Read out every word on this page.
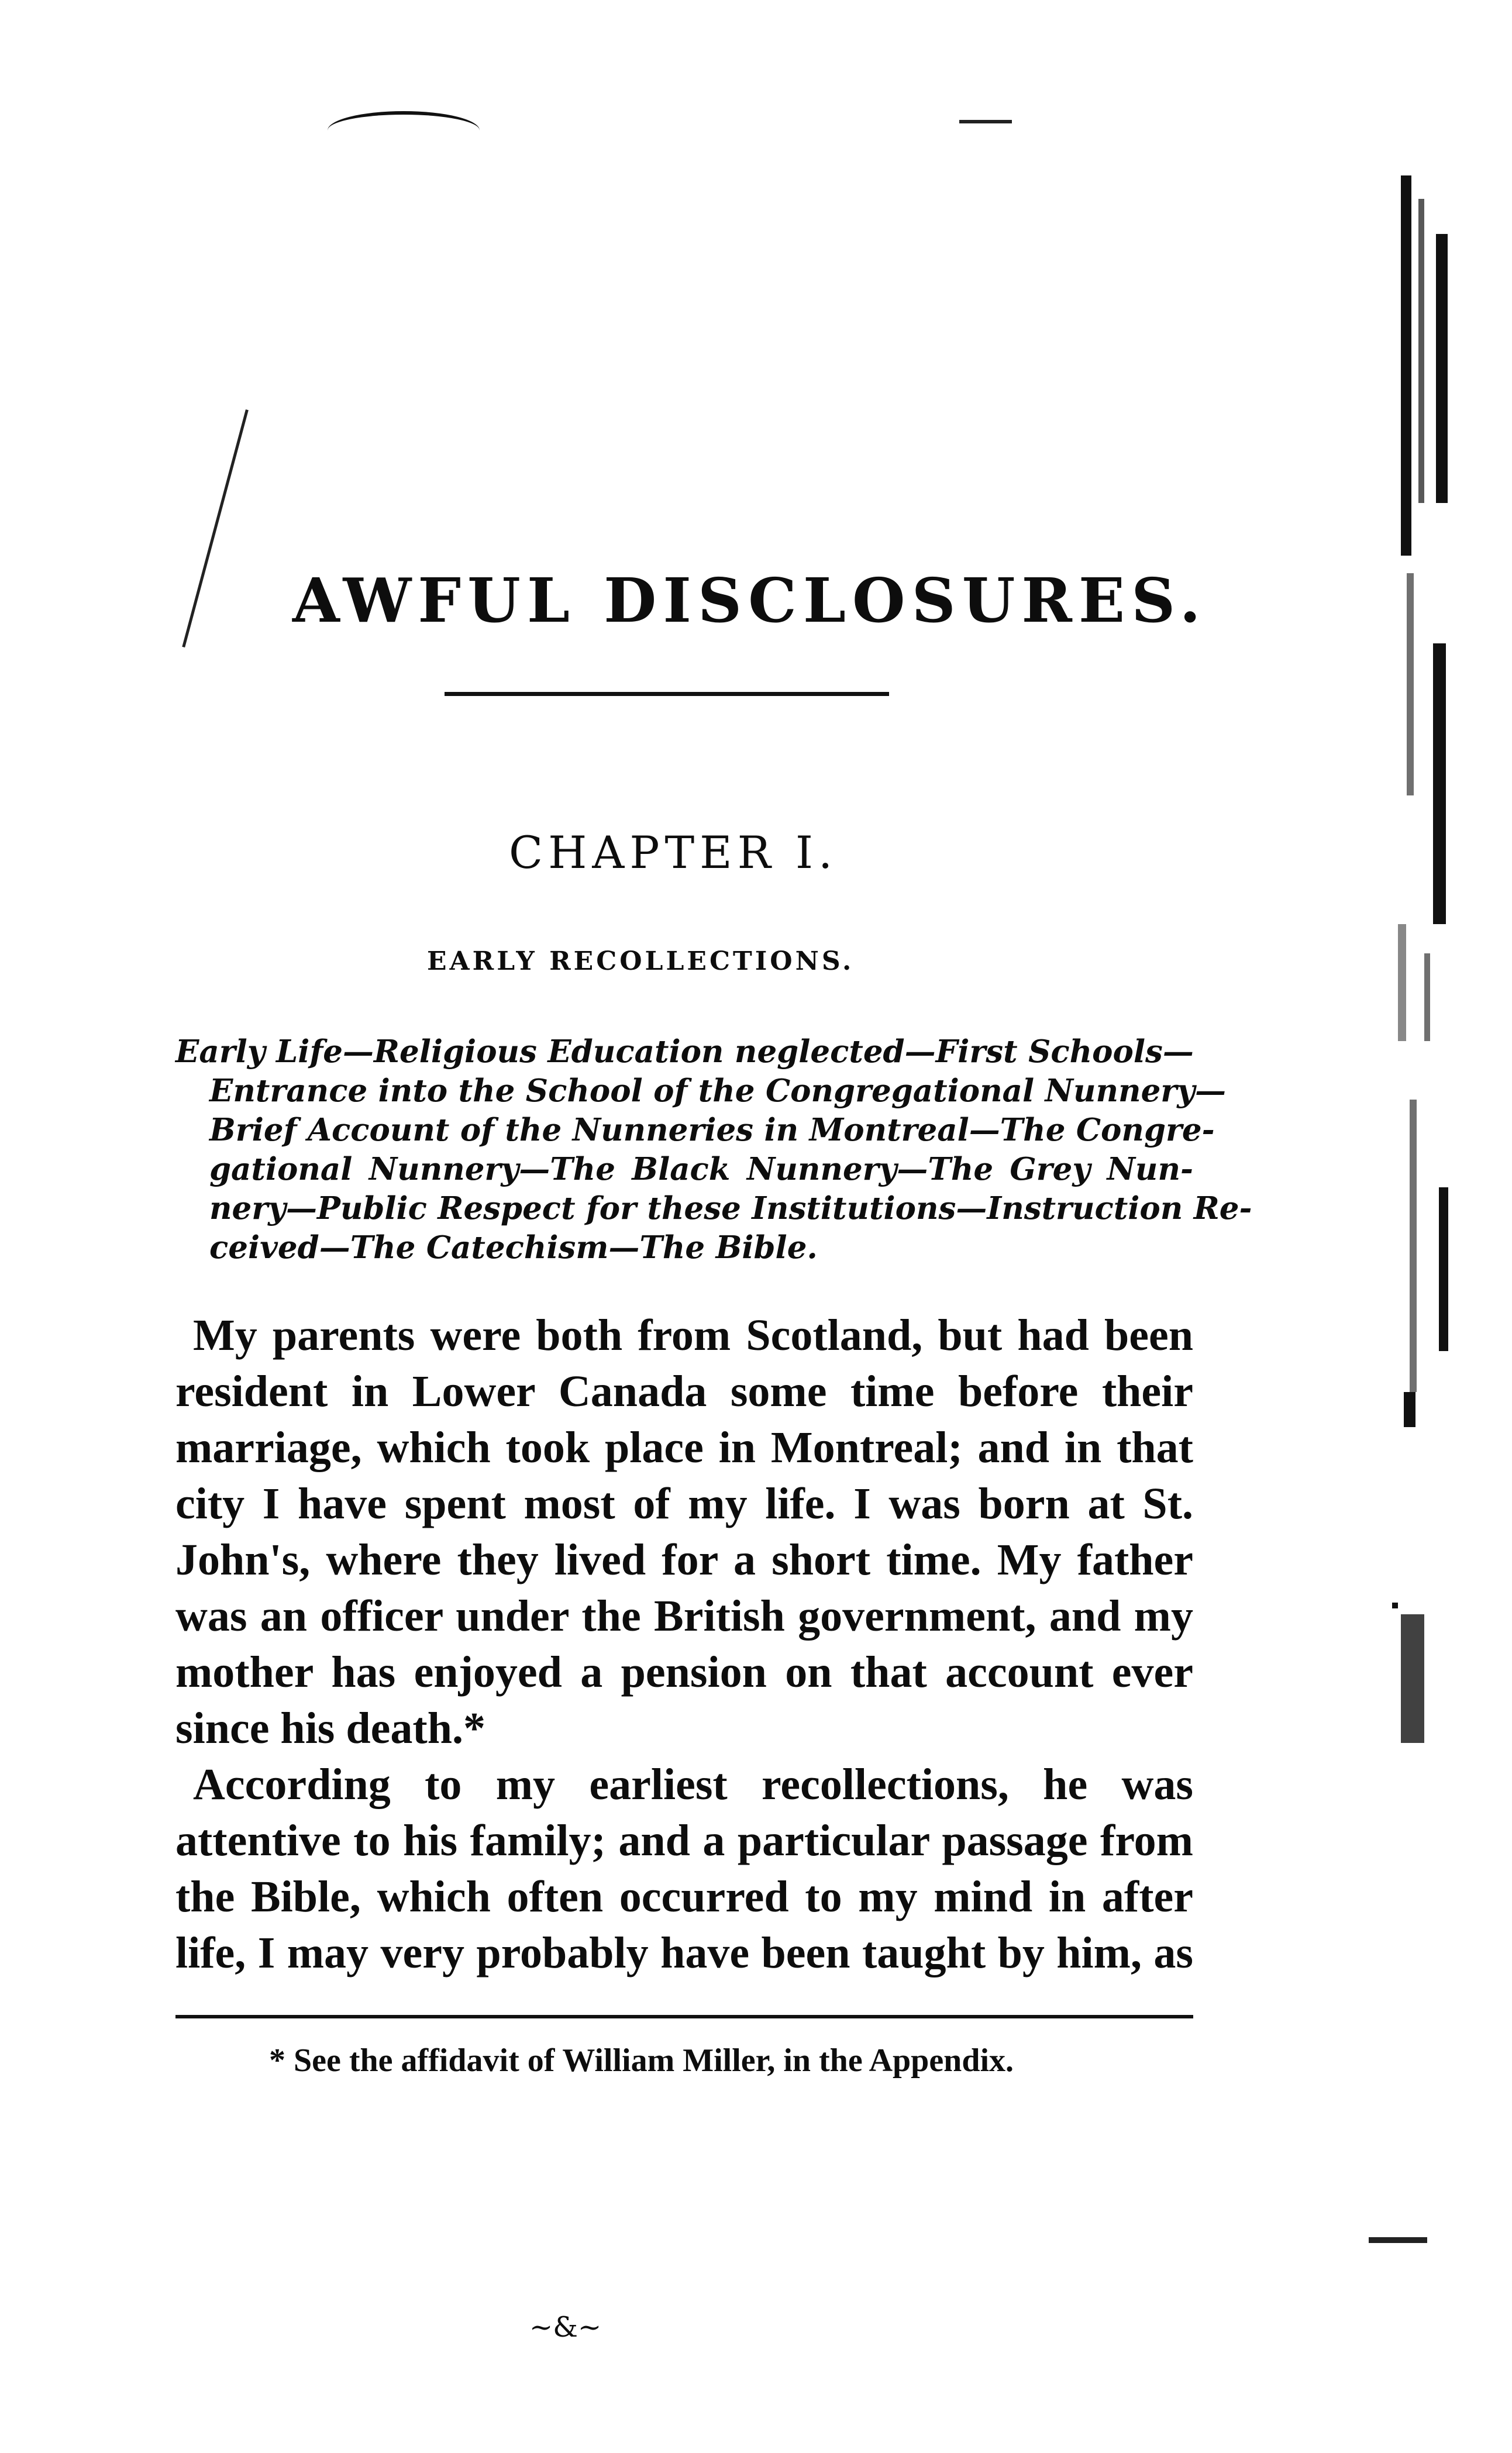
AWFUL DISCLOSURES.
CHAPTER I.
EARLY RECOLLECTIONS.
Early Life—Religious Education neglected—First Schools—
Entrance into the School of the Congregational Nunnery—
Brief Account of the Nunneries in Montreal—The Congre-
gational Nunnery—The Black Nunnery—The Grey Nun-
nery—Public Respect for these Institutions—Instruction Re-
ceived—The Catechism—The Bible.
My parents were both from Scotland, but had been
resident in Lower Canada some time before their
marriage, which took place in Montreal; and in that
city I have spent most of my life. I was born at St.
John's, where they lived for a short time. My father
was an officer under the British government, and my
mother has enjoyed a pension on that account ever
since his death.*
According to my earliest recollections, he was
attentive to his family; and a particular passage from
the Bible, which often occurred to my mind in after
life, I may very probably have been taught by him, as
* See the affidavit of William Miller, in the Appendix.
~&~
